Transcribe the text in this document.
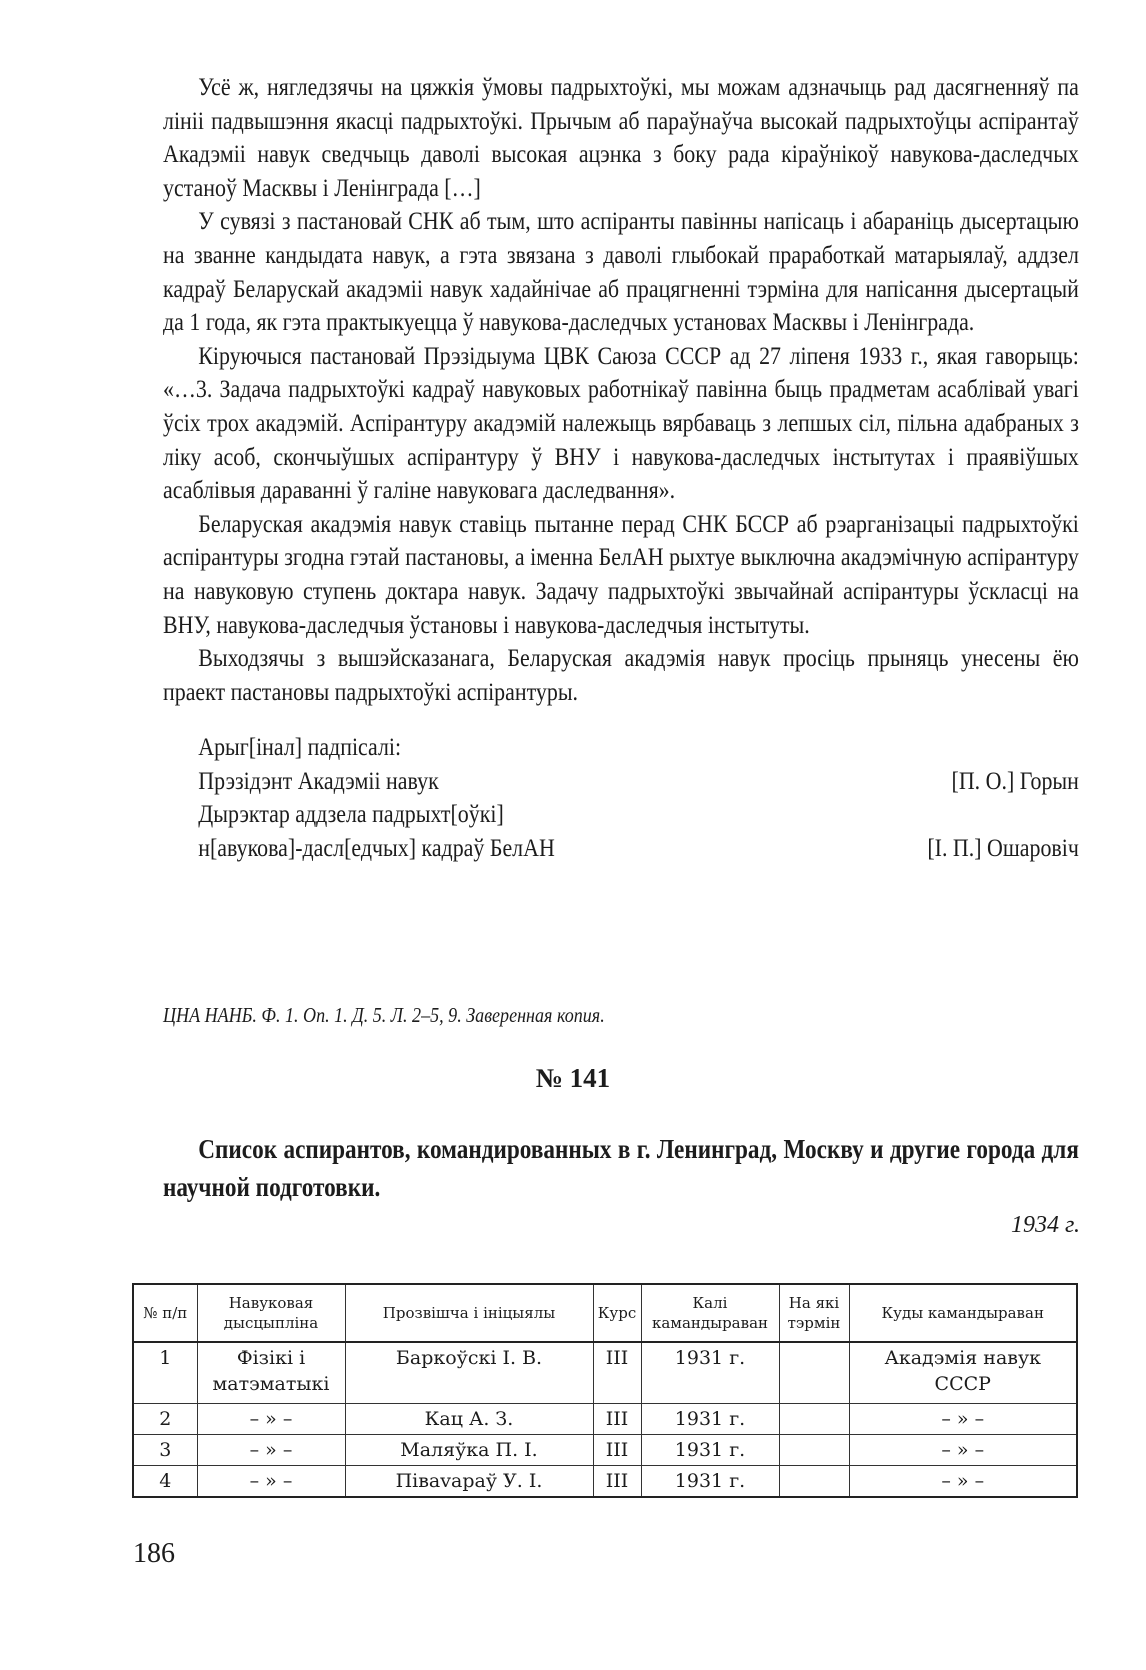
Усё ж, нягледзячы на цяжкія ўмовы падрыхтоўкі, мы можам адзначыць рад дасягненняў па лініі падвышэння якасці падрыхтоўкі. Прычым аб параўнаўча высокай падрыхтоўцы аспірантаў Акадэміі навук сведчыць даволі высокая ацэнка з боку рада кіраўнікоў навукова-даследчых устаноў Масквы і Ленінграда […]

У сувязі з пастановай СНК аб тым, што аспіранты павінны напісаць і абараніць дысертацыю на званне кандыдата навук, а гэта звязана з даволі глыбокай праработкай матарыялаў, аддзел кадраў Беларускай акадэміі навук хадайнічае аб працягненні тэрміна для напісання дысертацый да 1 года, як гэта практыкуецца ў навукова-даследчых установах Масквы і Ленінграда.

Кіруючыся пастановай Прэзідыума ЦВК Саюза СССР ад 27 ліпеня 1933 г., якая гаворыць: «…3. Задача падрыхтоўкі кадраў навуковых работнікаў павінна быць прадметам асаблівай увагі ўсіх трох акадэмій. Аспірантуру акадэмій належыць вярбаваць з лепшых сіл, пільна адабраных з ліку асоб, скончыўшых аспірантуру ў ВНУ і навукова-даследчых інстытутах і праявіўшых асаблівыя дараванні ў галіне навуковага даследвання».

Беларуская акадэмія навук ставіць пытанне перад СНК БССР аб рэарганізацыі падрыхтоўкі аспірантуры згодна гэтай пастановы, а іменна БелАН рыхтуе выключна акадэмічную аспірантуру на навуковую ступень доктара навук. Задачу падрыхтоўкі звычайнай аспірантуры ўскласці на ВНУ, навукова-даследчыя ўстановы і навукова-даследчыя інстытуты.

Выходзячы з вышэйсказанага, Беларуская акадэмія навук просіць прыняць унесены ёю праект пастановы падрыхтоўкі аспірантуры.

Арыг[інал] падпісалі:

Прэзідэнт Акадэміі навук	[П. О.] Горын

Дырэктар аддзела падрыхт[оўкі]

н[авукова]-дасл[едчых] кадраў БелАН	[І. П.] Ошаровіч

ЦНА НАНБ. Ф. 1. Оп. 1. Д. 5. Л. 2–5, 9. Заверенная копия.
№ 141
Список аспирантов, командированных в г. Ленинград, Москву и другие города для научной подготовки.
1934 г.
№ п/п	Навуковая дысцыпліна	Прозвішча і ініцыялы	Курс	Калі камандыраван	На які тэрмін	Куды камандыраван
1	Фізікі і матэматыкі	Баркоўскі І. В.	III	1931 г.		Акадэмія навук СССР
2	– » –	Кац А. З.	III	1931 г.		– » –
3	– » –	Маляўка П. І.	III	1931 г.		– » –
4	– » –	Піваvараў У. І.	III	1931 г.		– » –
186
